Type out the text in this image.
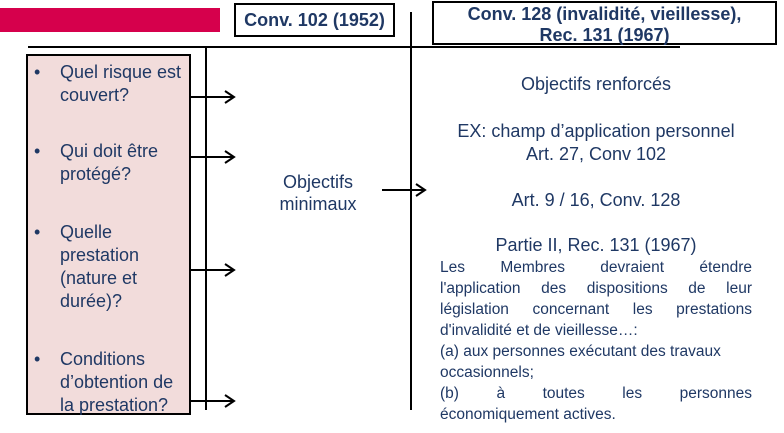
Conv. 102 (1952)	Conv. 128 (invalidité, vieillesse),
Rec. 131 (1967)
•	Quel risque est couvert?
•	Qui doit être protégé?
•	Quelle prestation (nature et durée)?
•	Conditions d’obtention de la prestation?
Objectifs
minimaux
Objectifs renforcés
EX: champ d’application personnel
Art. 27, Conv 102
Art. 9 / 16, Conv. 128
Partie II, Rec. 131 (1967)

Les Membres devraient étendre

l'application des dispositions de leur

législation concernant les prestations

d'invalidité et de vieillesse…:

(a) aux personnes exécutant des travaux

occasionnels;

(b) à toutes les personnes

économiquement actives.
